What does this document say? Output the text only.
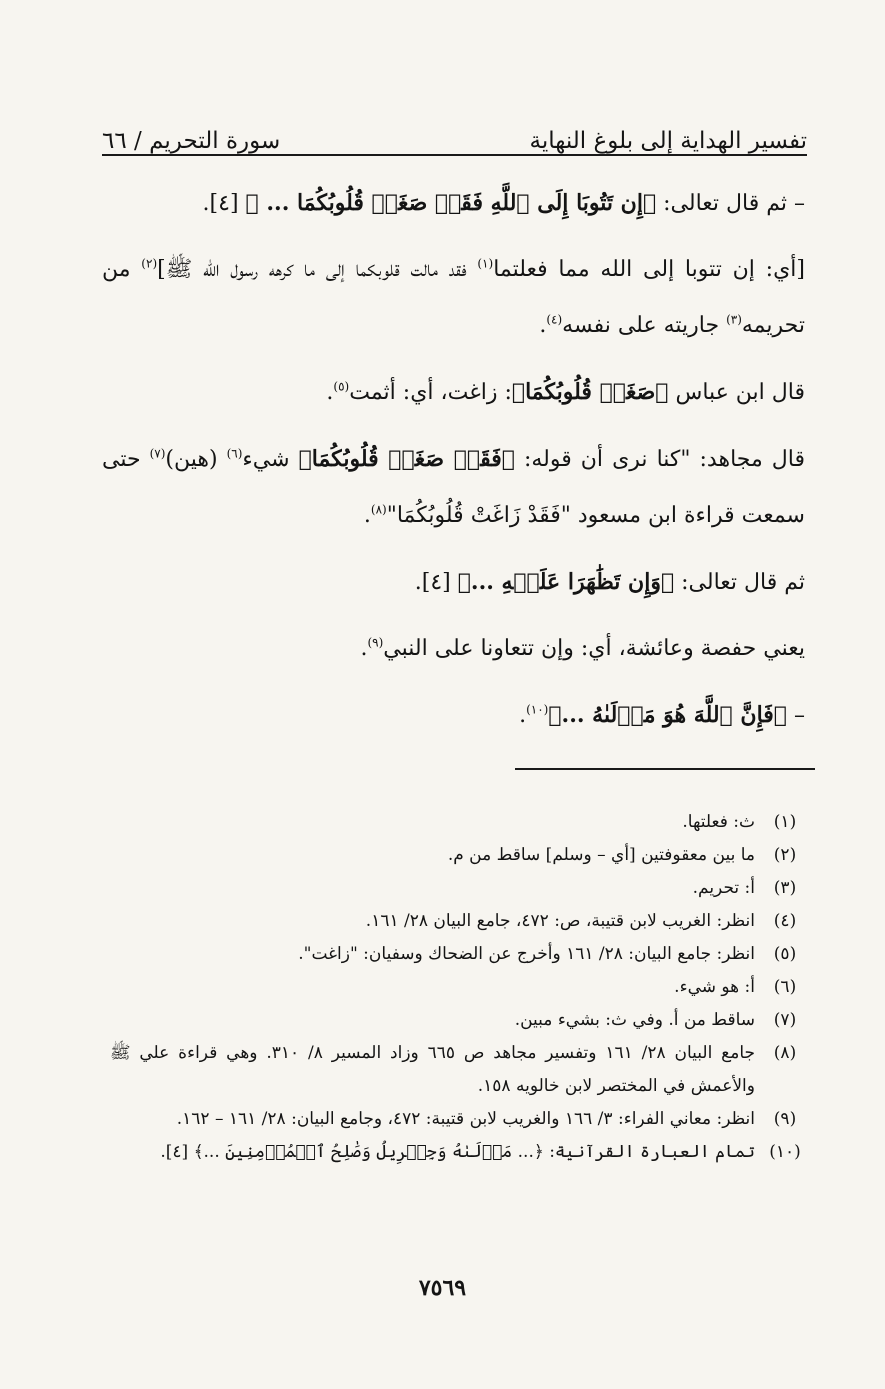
تفسير الهداية إلى بلوغ النهاية
سورة التحريم / ٦٦
– ثم قال تعالى: ﴿إِن تَتُوبَا إِلَى ٱللَّهِ فَقَدۡ صَغَتۡ قُلُوبُكُمَا ... ﴾ [٤].
[أي: إن تتوبا إلى الله مما فعلتما$^{(١)}$ فقد مالت قلوبكما إلى ما كرهه رسول الله ﷺ]$^{(٢)}$ من تحريمه$^{(٣)}$ جاريته على نفسه$^{(٤)}$.
قال ابن عباس ﴿صَغَتۡ قُلُوبُكُمَا﴾: زاغت، أي: أثمت$^{(٥)}$.
قال مجاهد: "كنا نرى أن قوله: ﴿فَقَدۡ صَغَتۡ قُلُوبُكُمَا﴾ شيء$^{(٦)}$ (هين)$^{(٧)}$ حتى سمعت قراءة ابن مسعود "فَقَدْ زَاغَتْ قُلُوبُكُمَا"$^{(٨)}$.
ثم قال تعالى: ﴿وَإِن تَظَٰهَرَا عَلَيۡهِ ...﴾ [٤].
يعني حفصة وعائشة، أي: وإن تتعاونا على النبي$^{(٩)}$.
– ﴿فَإِنَّ ٱللَّهَ هُوَ مَوۡلَىٰهُ ...﴾$^{(١٠)}$.
(١)
ث: فعلتها.
(٢)
ما بين معقوفتين [أي – وسلم] ساقط من م.
(٣)
أ: تحريم.
(٤)
انظر: الغريب لابن قتيبة، ص: ٤٧٢، جامع البيان ٢٨/ ١٦١.
(٥)
انظر: جامع البيان: ٢٨/ ١٦١ وأخرج عن الضحاك وسفيان: "زاغت".
(٦)
أ: هو شيء.
(٧)
ساقط من أ. وفي ث: بشيء مبين.
(٨)
جامع البيان ٢٨/ ١٦١ وتفسير مجاهد ص ٦٦٥ وزاد المسير ٨/ ٣١٠. وهي قراءة علي ﷺ والأعمش في المختصر لابن خالويه ١٥٨.
(٩)
انظر: معاني الفراء: ٣/ ١٦٦ والغريب لابن قتيبة: ٤٧٢، وجامع البيان: ٢٨/ ١٦١ – ١٦٢.
(١٠)
تمام العبارة القرآنية: ﴿... مَوۡلَىٰهُ وَجِبۡرِيلُ وَصَٰلِحُ ٱلۡمُؤۡمِنِينَ ...﴾ [٤].
٧٥٦٩
